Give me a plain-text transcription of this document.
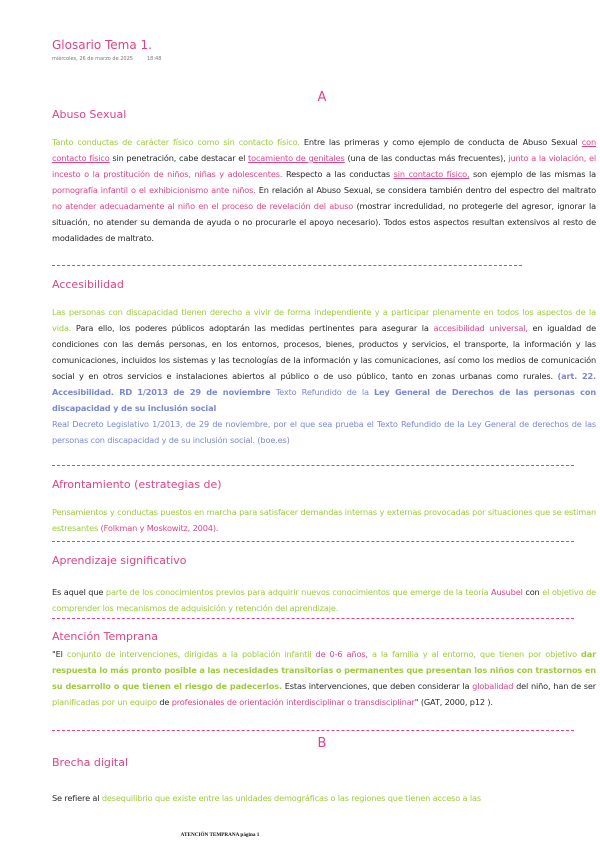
Glosario Tema 1.
miércoles, 26 de marzo de 2025	18:48
A
Abuso Sexual
Tanto conductas de carácter físico como sin contacto físico. Entre las primeras y como ejemplo de conducta de Abuso Sexual con contacto físico sin penetración, cabe destacar el tocamiento de genitales (una de las conductas más frecuentes), junto a la violación, el incesto o la prostitución de niños, niñas y adolescentes. Respecto a las conductas sin contacto físico, son ejemplo de las mismas la pornografía infantil o el exhibicionismo ante niños. En relación al Abuso Sexual, se considera también dentro del espectro del maltrato no atender adecuadamente al niño en el proceso de revelación del abuso (mostrar incredulidad, no protegerle del agresor, ignorar la situación, no atender su demanda de ayuda o no procurarle el apoyo necesario). Todos estos aspectos resultan extensivos al resto de modalidades de maltrato.
Accesibilidad
Las personas con discapacidad tienen derecho a vivir de forma independiente y a participar plenamente en todos los aspectos de la vida. Para ello, los poderes públicos adoptarán las medidas pertinentes para asegurar la accesibilidad universal, en igualdad de condiciones con las demás personas, en los entornos, procesos, bienes, productos y servicios, el transporte, la información y las comunicaciones, incluidos los sistemas y las tecnologías de la información y las comunicaciones, así como los medios de comunicación social y en otros servicios e instalaciones abiertos al público o de uso público, tanto en zonas urbanas como rurales. (art. 22. Accesibilidad. RD 1/2013 de 29 de noviembre Texto Refundido de la Ley General de Derechos de las personas con discapacidad y de su inclusión social
Real Decreto Legislativo 1/2013, de 29 de noviembre, por el que sea prueba el Texto Refundido de la Ley General de derechos de las personas con discapacidad y de su inclusión social. (boe.es)
Afrontamiento (estrategias de)
Pensamientos y conductas puestos en marcha para satisfacer demandas internas y externas provocadas por situaciones que se estiman estresantes (Folkman y Moskowitz, 2004).
Aprendizaje significativo
Es aquel que parte de los conocimientos previos para adquirir nuevos conocimientos que emerge de la teoría Ausubel con el objetivo de comprender los mecanismos de adquisición y retención del aprendizaje.
Atención Temprana
"El conjunto de intervenciones, dirigidas a la población infantil de 0-6 años, a la familia y al entorno, que tienen por objetivo dar respuesta lo más pronto posible a las necesidades transitorias o permanentes que presentan los niños con trastornos en su desarrollo o que tienen el riesgo de padecerlos. Estas intervenciones, que deben considerar la globalidad del niño, han de ser planificadas por un equipo de profesionales de orientación interdisciplinar o transdisciplinar" (GAT, 2000, p12 ).
B
Brecha digital
Se refiere al desequilibrio que existe entre las unidades demográficas o las regiones que tienen acceso a las
ATENCIÓN TEMPRANA página 1
